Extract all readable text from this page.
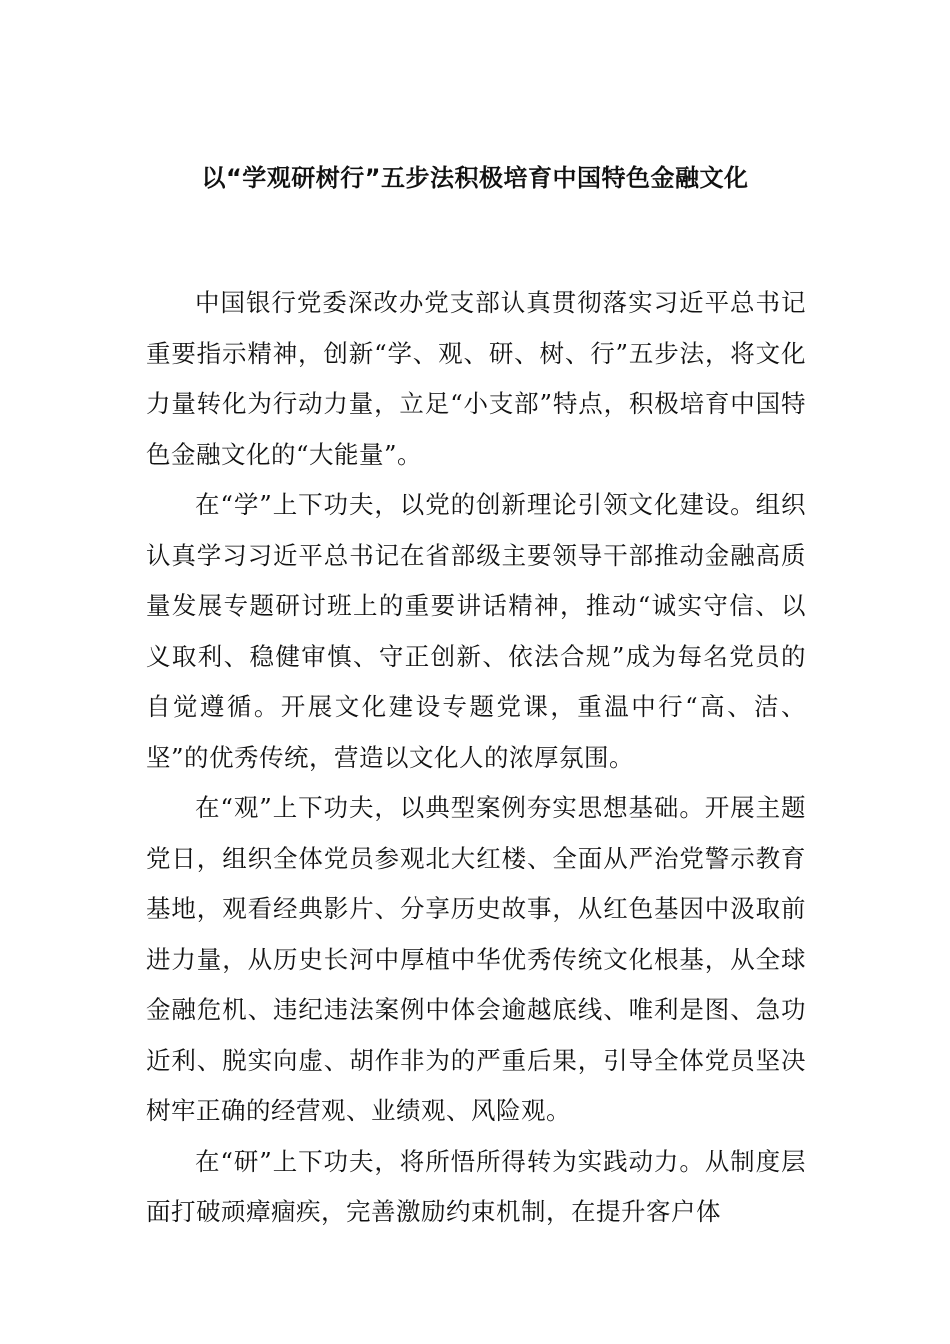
以“学观研树行”五步法积极培育中国特色金融文化

中国银行党委深改办党支部认真贯彻落实习近平总书记重要指示精神，创新“学、观、研、树、行”五步法，将文化力量转化为行动力量，立足“小支部”特点，积极培育中国特色金融文化的“大能量”。

在“学”上下功夫，以党的创新理论引领文化建设。组织认真学习习近平总书记在省部级主要领导干部推动金融高质量发展专题研讨班上的重要讲话精神，推动“诚实守信、以义取利、稳健审慎、守正创新、依法合规”成为每名党员的自觉遵循。开展文化建设专题党课，重温中行“高、洁、坚”的优秀传统，营造以文化人的浓厚氛围。

在“观”上下功夫，以典型案例夯实思想基础。开展主题党日，组织全体党员参观北大红楼、全面从严治党警示教育基地，观看经典影片、分享历史故事，从红色基因中汲取前进力量，从历史长河中厚植中华优秀传统文化根基，从全球金融危机、违纪违法案例中体会逾越底线、唯利是图、急功近利、脱实向虚、胡作非为的严重后果，引导全体党员坚决树牢正确的经营观、业绩观、风险观。

在“研”上下功夫，将所悟所得转为实践动力。从制度层面打破顽瘴痼疾，完善激励约束机制，在提升客户体
